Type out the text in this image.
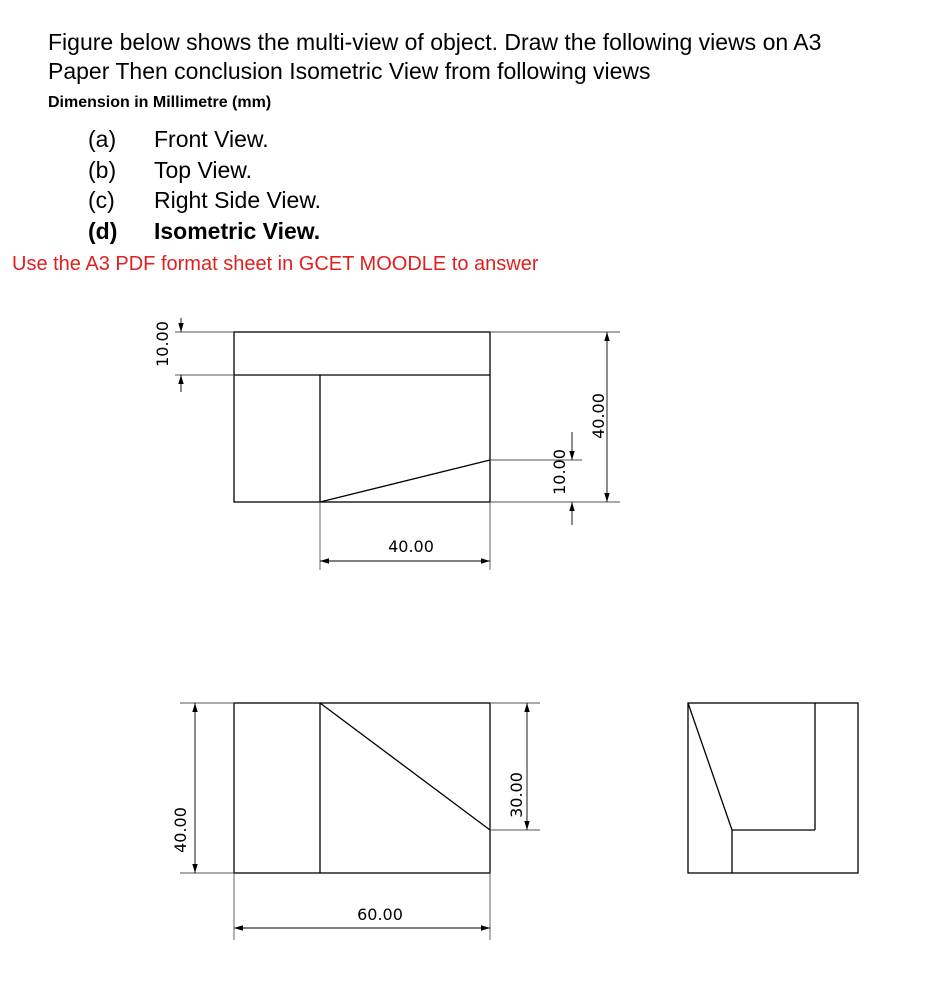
Figure below shows the multi-view of object. Draw the following views on A3
Paper Then conclusion Isometric View from following views
Dimension in Millimetre (mm)
(a) Front View.
(b) Top View.
(c) Right Side View.
(d) Isometric View.
Use the A3 PDF format sheet in GCET MOODLE to answer
10.00
10.00
40.00
40.00
40.00
30.00
60.00
